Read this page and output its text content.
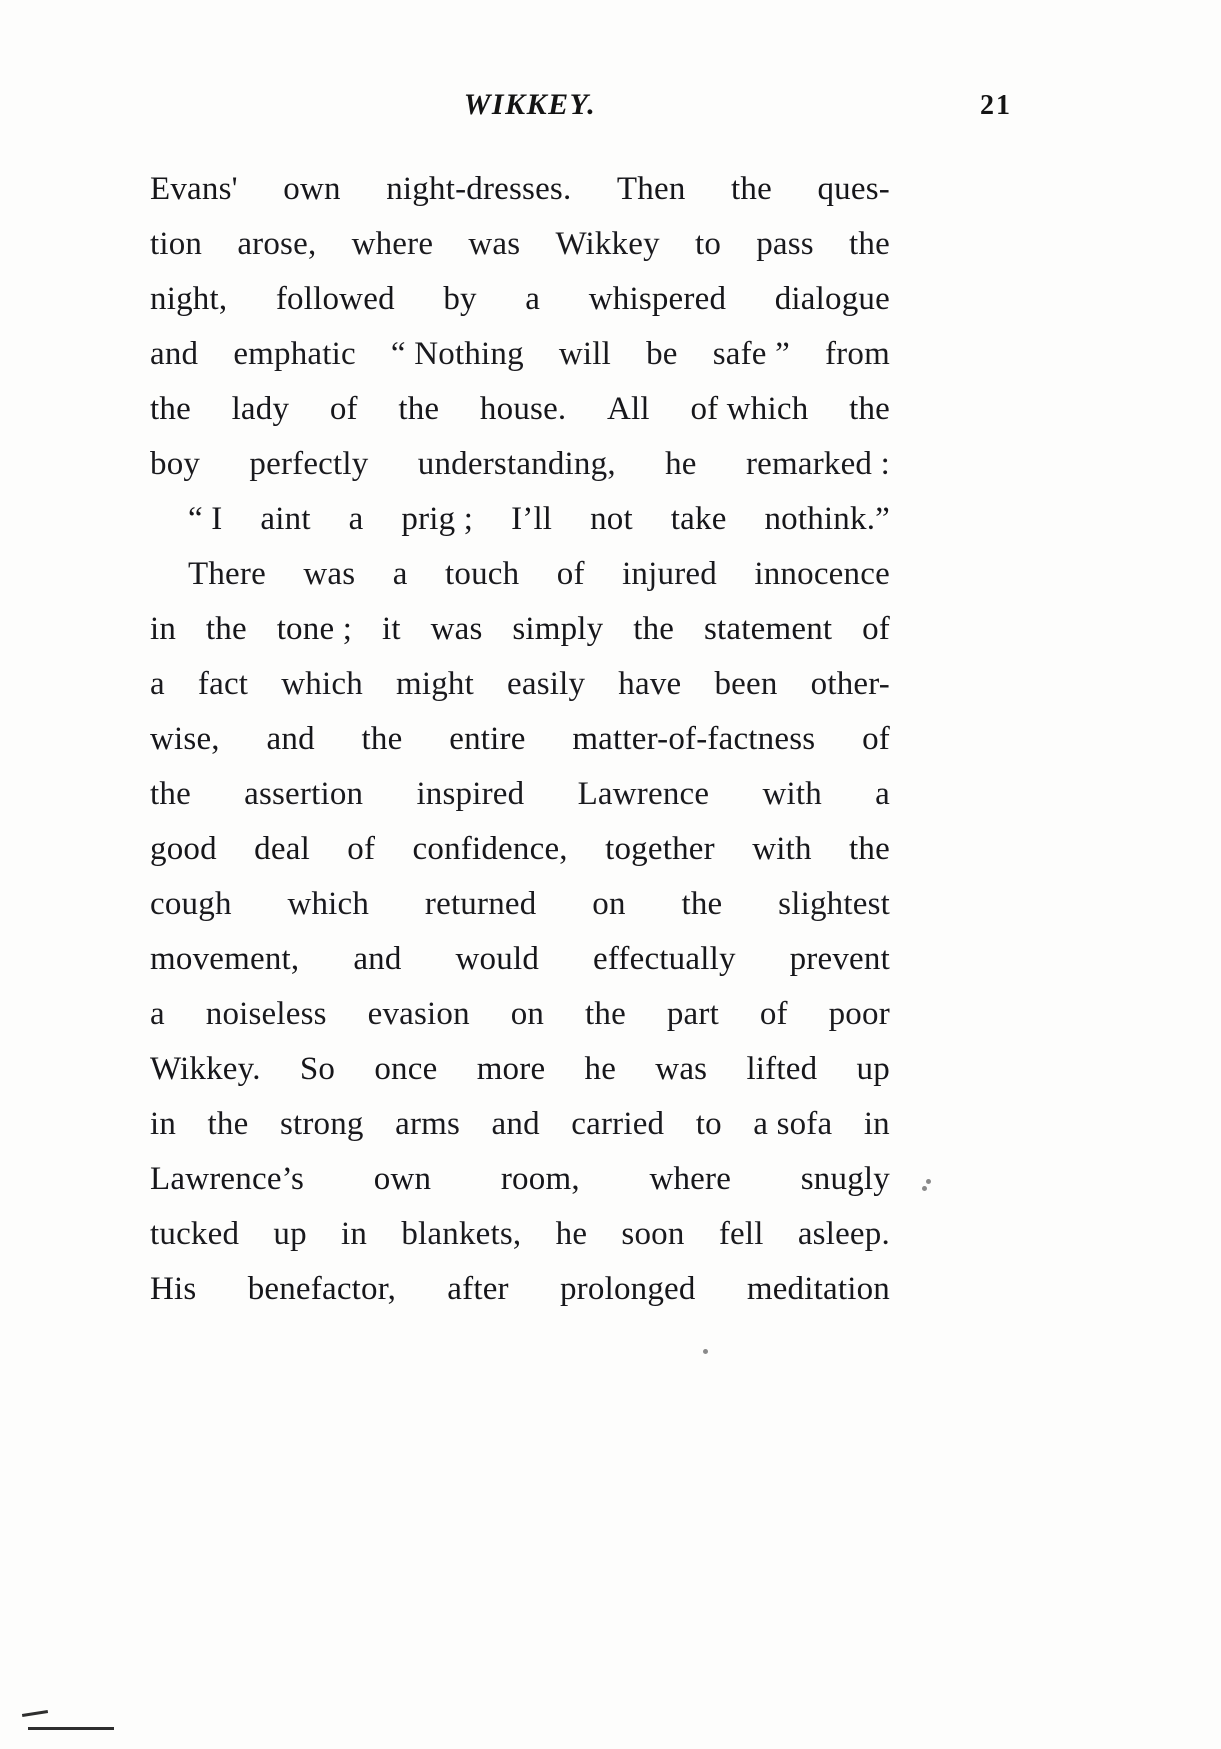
WIKKEY.	21
Evans' own night-dresses. Then the ques-
tion arose, where was Wikkey to pass the
night, followed by a whispered dialogue
and emphatic “ Nothing will be safe ” from
the lady of the house. All of which the
boy perfectly understanding, he remarked :
“ I aint a prig ; I’ll not take nothink.”
There was a touch of injured innocence
in the tone ; it was simply the statement of
a fact which might easily have been other-
wise, and the entire matter-of-factness of
the assertion inspired Lawrence with a
good deal of confidence, together with the
cough which returned on the slightest
movement, and would effectually prevent
a noiseless evasion on the part of poor
Wikkey. So once more he was lifted up
in the strong arms and carried to a sofa in
Lawrence’s own room, where snugly
tucked up in blankets, he soon fell asleep.
His benefactor, after prolonged meditation
